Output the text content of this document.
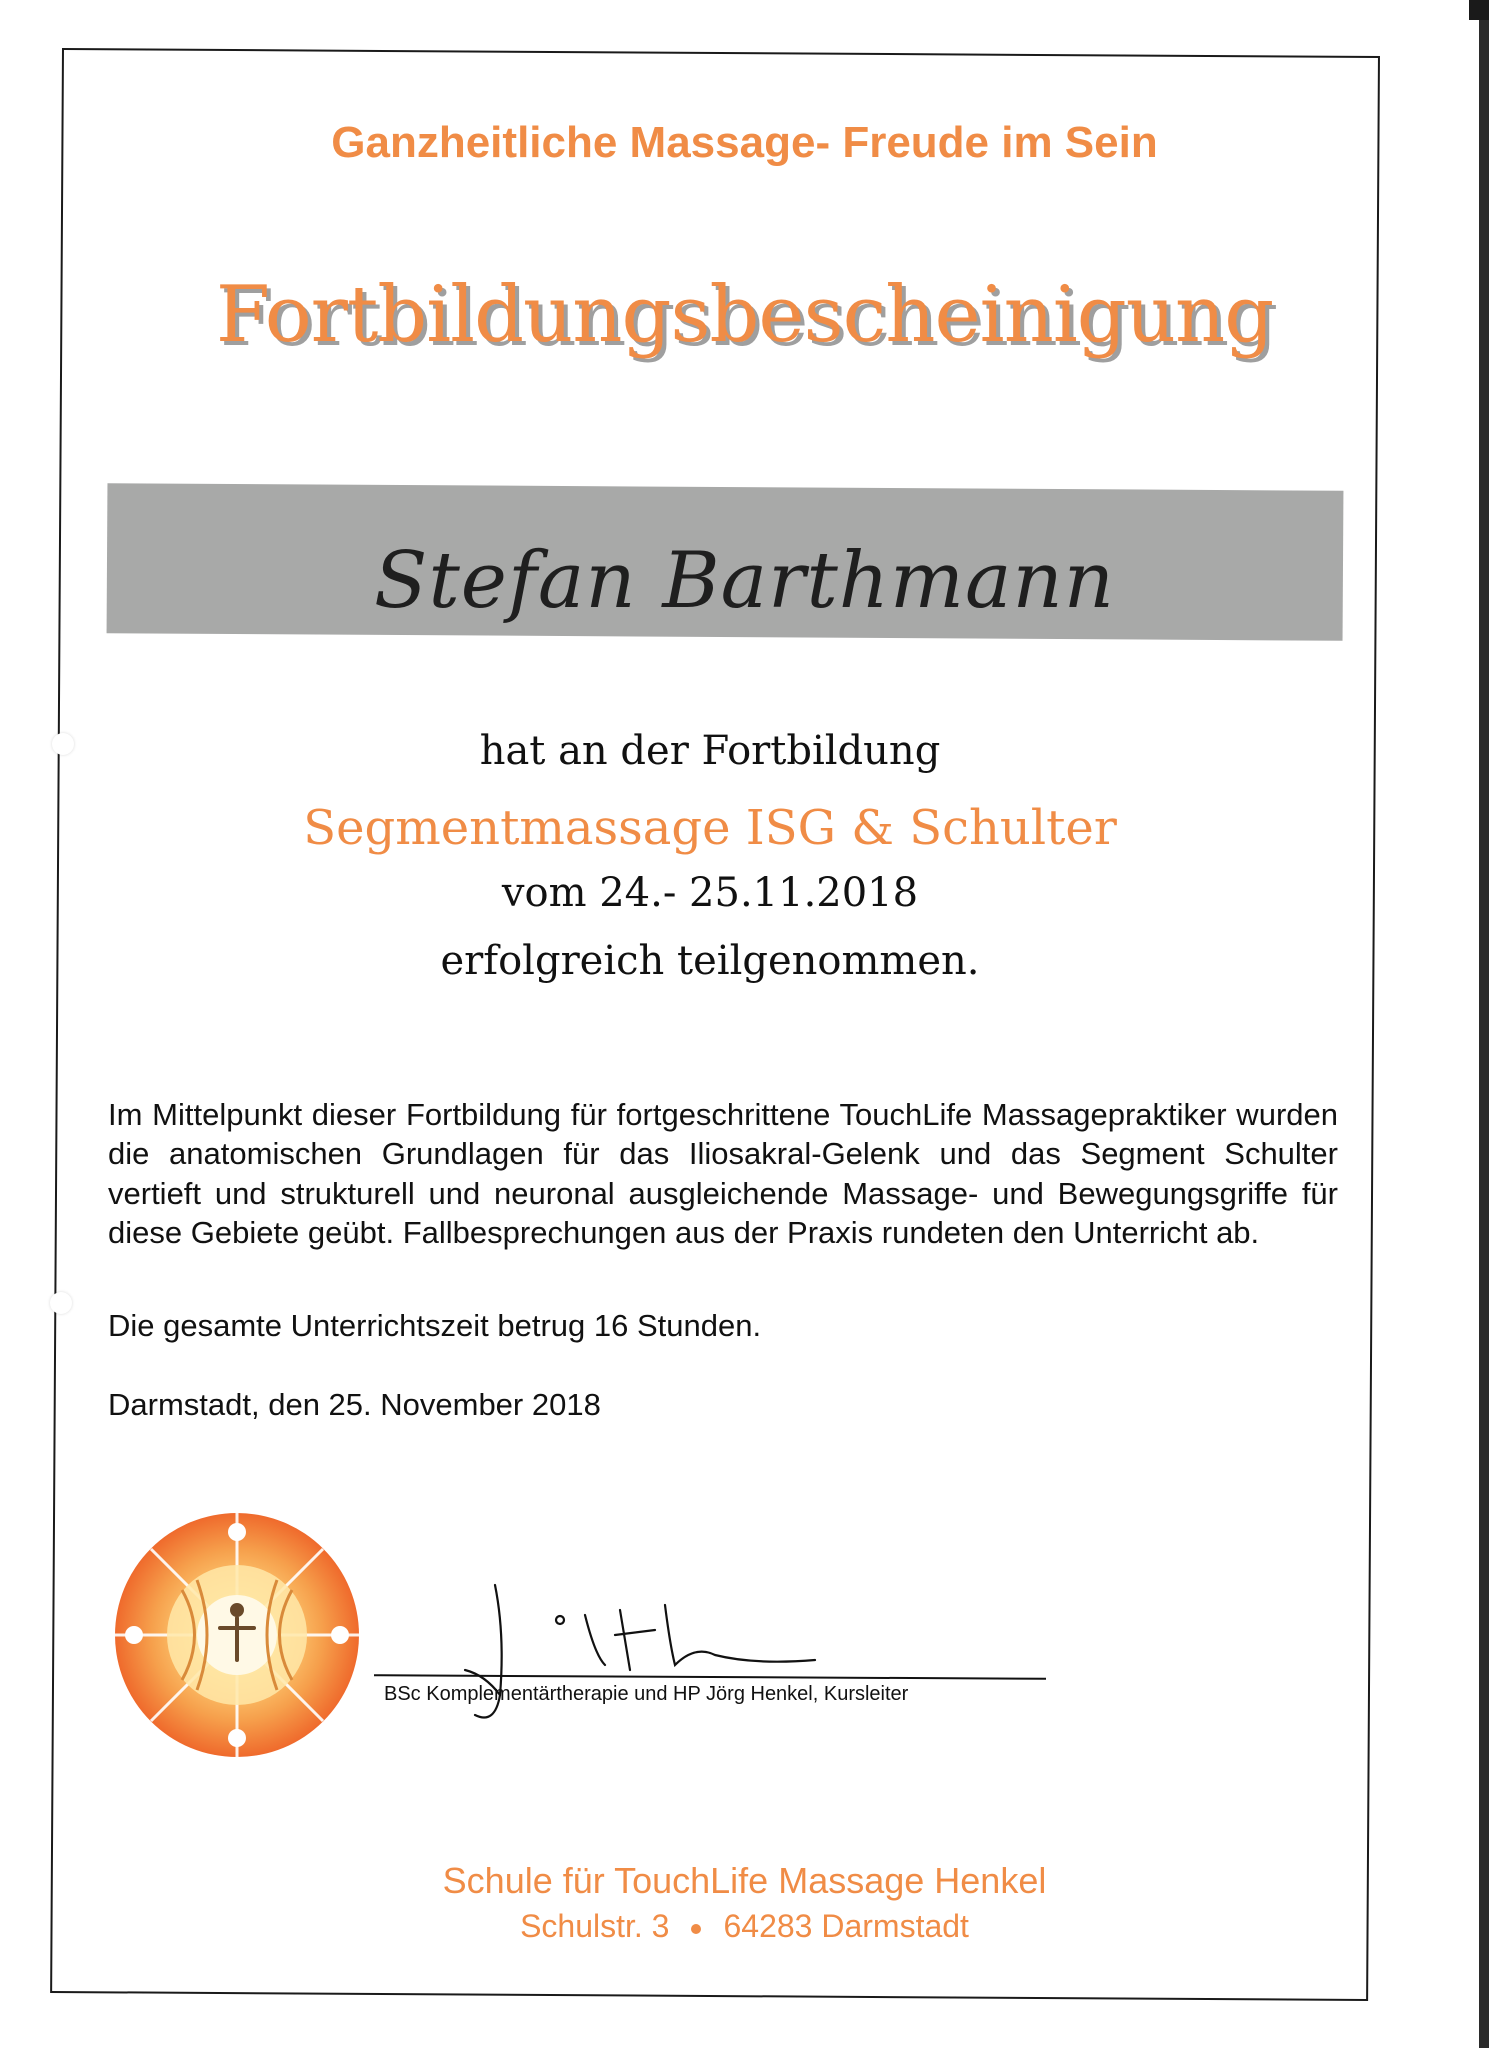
Ganzheitliche Massage- Freude im Sein
Fortbildungsbescheinigung
Stefan Barthmann
hat an der Fortbildung
Segmentmassage ISG & Schulter
vom 24.- 25.11.2018
erfolgreich teilgenommen.
Im Mittelpunkt dieser Fortbildung für fortgeschrittene TouchLife Massagepraktiker wurden die anatomischen Grundlagen für das Iliosakral-Gelenk und das Segment Schulter vertieft und strukturell und neuronal ausgleichende Massage- und Bewegungsgriffe für diese Gebiete geübt. Fallbesprechungen aus der Praxis rundeten den Unterricht ab.
Die gesamte Unterrichtszeit betrug 16 Stunden.
Darmstadt, den 25. November 2018
BSc Komplementärtherapie und HP Jörg Henkel, Kursleiter
Schule für TouchLife Massage Henkel
Schulstr. 3 64283 Darmstadt
